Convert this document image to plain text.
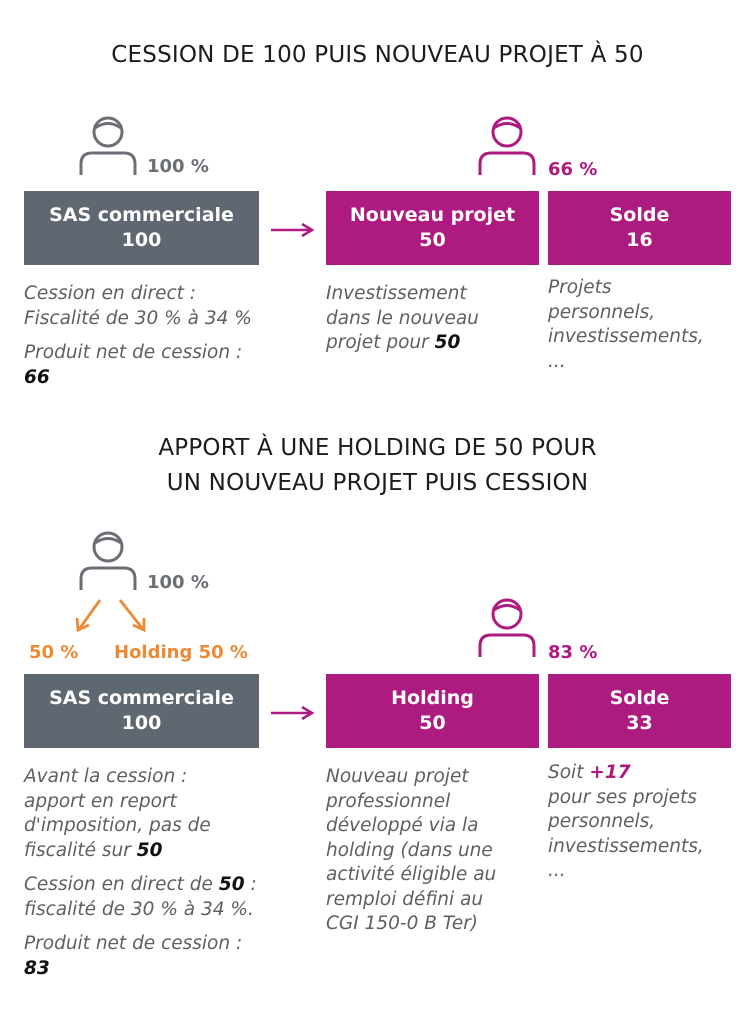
CESSION DE 100 PUIS NOUVEAU PROJET À 50
100 %	66 %
SAS commerciale
100
Nouveau projet
50
Solde
16
Cession en direct :
Fiscalité de 30 % à 34 %
Produit net de cession :
66
Investissement
dans le nouveau
projet pour 50
Projets
personnels,
investissements,
...
APPORT À UNE HOLDING DE 50 POUR
UN NOUVEAU PROJET PUIS CESSION
100 %
50 % Holding 50 %	83 %
SAS commerciale
100
Holding
50
Solde
33
Avant la cession :
apport en report
d'imposition, pas de
fiscalité sur 50
Cession en direct de 50 :
fiscalité de 30 % à 34 %.
Produit net de cession :
83
Nouveau projet
professionnel
développé via la
holding (dans une
activité éligible au
remploi défini au
CGI 150-0 B Ter)
Soit +17
pour ses projets
personnels,
investissements,
...
